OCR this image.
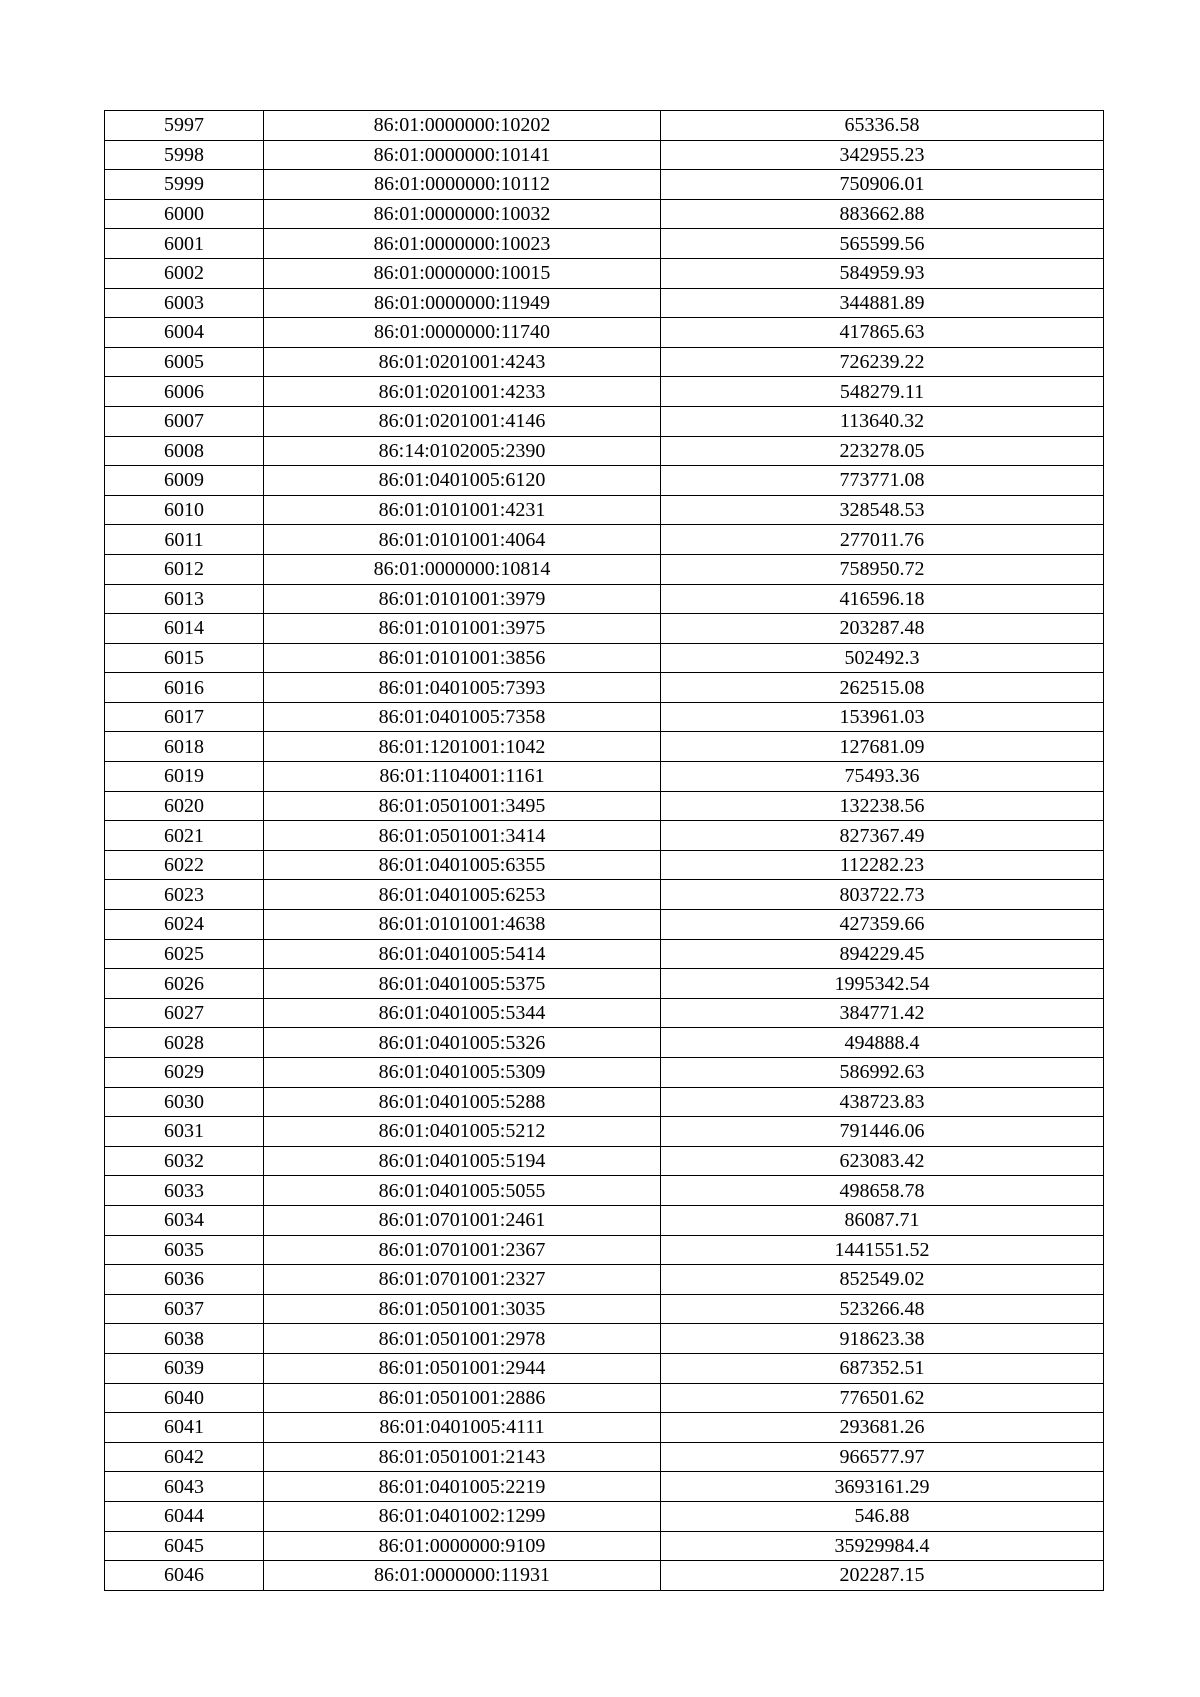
5997	86:01:0000000:10202	65336.58
5998	86:01:0000000:10141	342955.23
5999	86:01:0000000:10112	750906.01
6000	86:01:0000000:10032	883662.88
6001	86:01:0000000:10023	565599.56
6002	86:01:0000000:10015	584959.93
6003	86:01:0000000:11949	344881.89
6004	86:01:0000000:11740	417865.63
6005	86:01:0201001:4243	726239.22
6006	86:01:0201001:4233	548279.11
6007	86:01:0201001:4146	113640.32
6008	86:14:0102005:2390	223278.05
6009	86:01:0401005:6120	773771.08
6010	86:01:0101001:4231	328548.53
6011	86:01:0101001:4064	277011.76
6012	86:01:0000000:10814	758950.72
6013	86:01:0101001:3979	416596.18
6014	86:01:0101001:3975	203287.48
6015	86:01:0101001:3856	502492.3
6016	86:01:0401005:7393	262515.08
6017	86:01:0401005:7358	153961.03
6018	86:01:1201001:1042	127681.09
6019	86:01:1104001:1161	75493.36
6020	86:01:0501001:3495	132238.56
6021	86:01:0501001:3414	827367.49
6022	86:01:0401005:6355	112282.23
6023	86:01:0401005:6253	803722.73
6024	86:01:0101001:4638	427359.66
6025	86:01:0401005:5414	894229.45
6026	86:01:0401005:5375	1995342.54
6027	86:01:0401005:5344	384771.42
6028	86:01:0401005:5326	494888.4
6029	86:01:0401005:5309	586992.63
6030	86:01:0401005:5288	438723.83
6031	86:01:0401005:5212	791446.06
6032	86:01:0401005:5194	623083.42
6033	86:01:0401005:5055	498658.78
6034	86:01:0701001:2461	86087.71
6035	86:01:0701001:2367	1441551.52
6036	86:01:0701001:2327	852549.02
6037	86:01:0501001:3035	523266.48
6038	86:01:0501001:2978	918623.38
6039	86:01:0501001:2944	687352.51
6040	86:01:0501001:2886	776501.62
6041	86:01:0401005:4111	293681.26
6042	86:01:0501001:2143	966577.97
6043	86:01:0401005:2219	3693161.29
6044	86:01:0401002:1299	546.88
6045	86:01:0000000:9109	35929984.4
6046	86:01:0000000:11931	202287.15
